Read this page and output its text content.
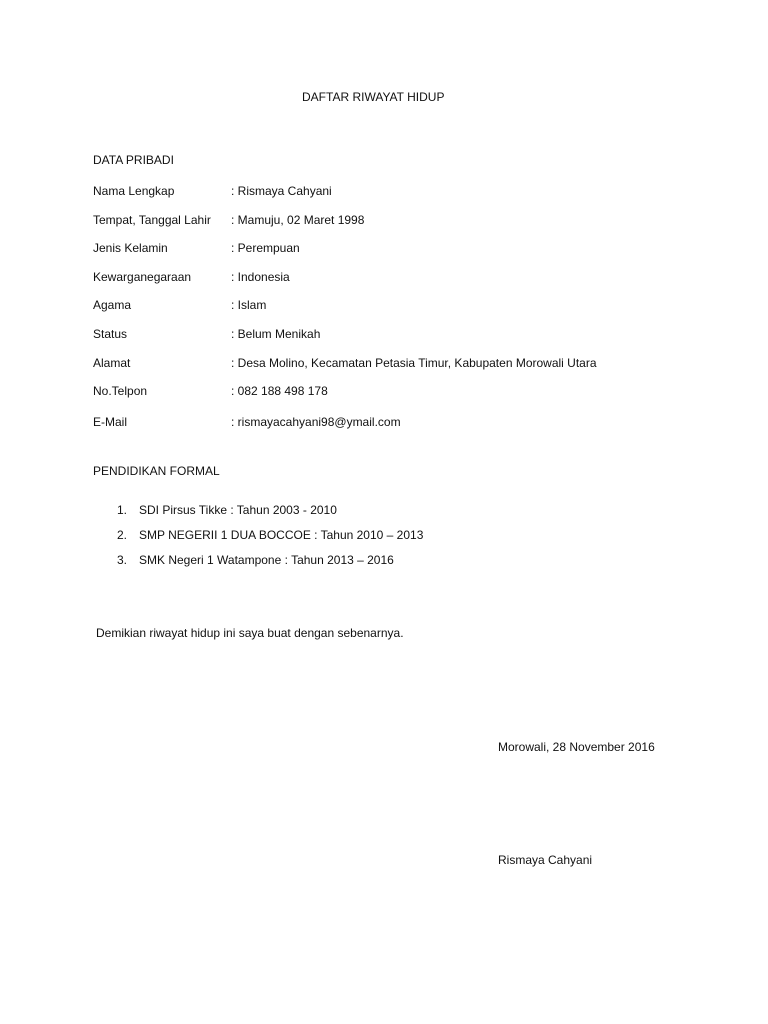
DAFTAR RIWAYAT HIDUP
DATA PRIBADI
Nama Lengkap	: Rismaya Cahyani
Tempat, Tanggal Lahir : Mamuju, 02 Maret 1998
Jenis Kelamin	: Perempuan
Kewarganegaraan	: Indonesia
Agama	: Islam
Status	: Belum Menikah
Alamat	: Desa Molino, Kecamatan Petasia Timur, Kabupaten Morowali Utara
No.Telpon	: 082 188 498 178
E-Mail	: rismayacahyani98@ymail.com
PENDIDIKAN FORMAL
1. SDI Pirsus Tikke : Tahun 2003 - 2010
2. SMP NEGERII 1 DUA BOCCOE : Tahun 2010 – 2013
3. SMK Negeri 1 Watampone : Tahun 2013 – 2016
Demikian riwayat hidup ini saya buat dengan sebenarnya.
Morowali, 28 November 2016
Rismaya Cahyani
